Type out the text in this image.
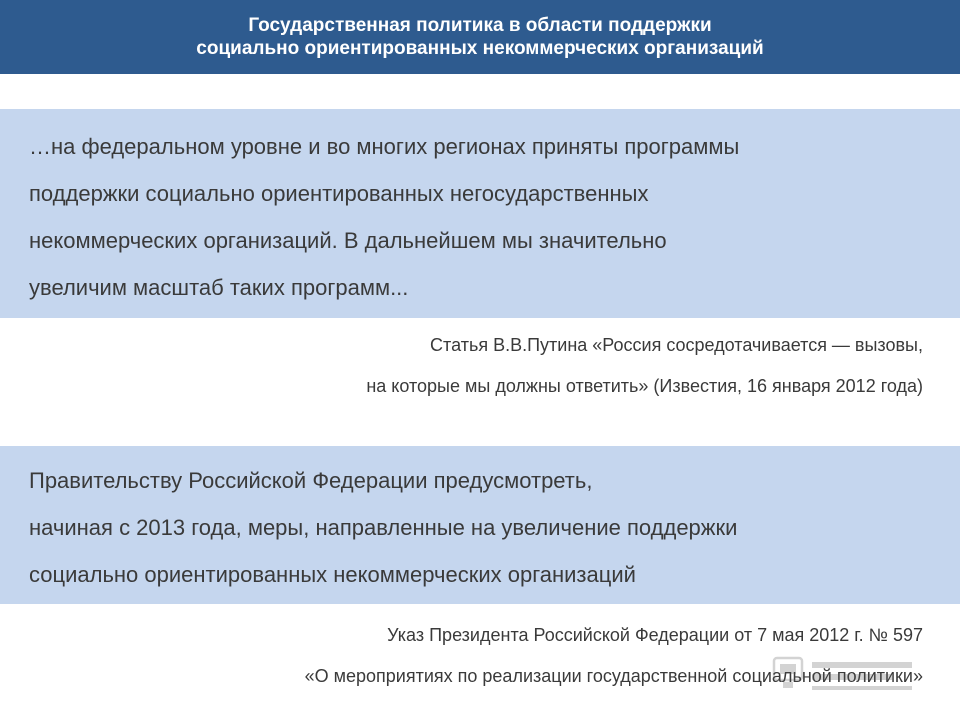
Государственная политика в области поддержки
социально ориентированных некоммерческих организаций
…на федеральном уровне и во многих регионах приняты программы
поддержки социально ориентированных негосударственных
некоммерческих организаций. В дальнейшем мы значительно
увеличим масштаб таких программ...
Статья В.В.Путина «Россия сосредотачивается — вызовы,
на которые мы должны ответить» (Известия, 16 января 2012 года)
Правительству Российской Федерации предусмотреть,
начиная с 2013 года, меры, направленные на увеличение поддержки
социально ориентированных некоммерческих организаций
Указ Президента Российской Федерации от 7 мая 2012 г. № 597
«О мероприятиях по реализации государственной социальной политики»
